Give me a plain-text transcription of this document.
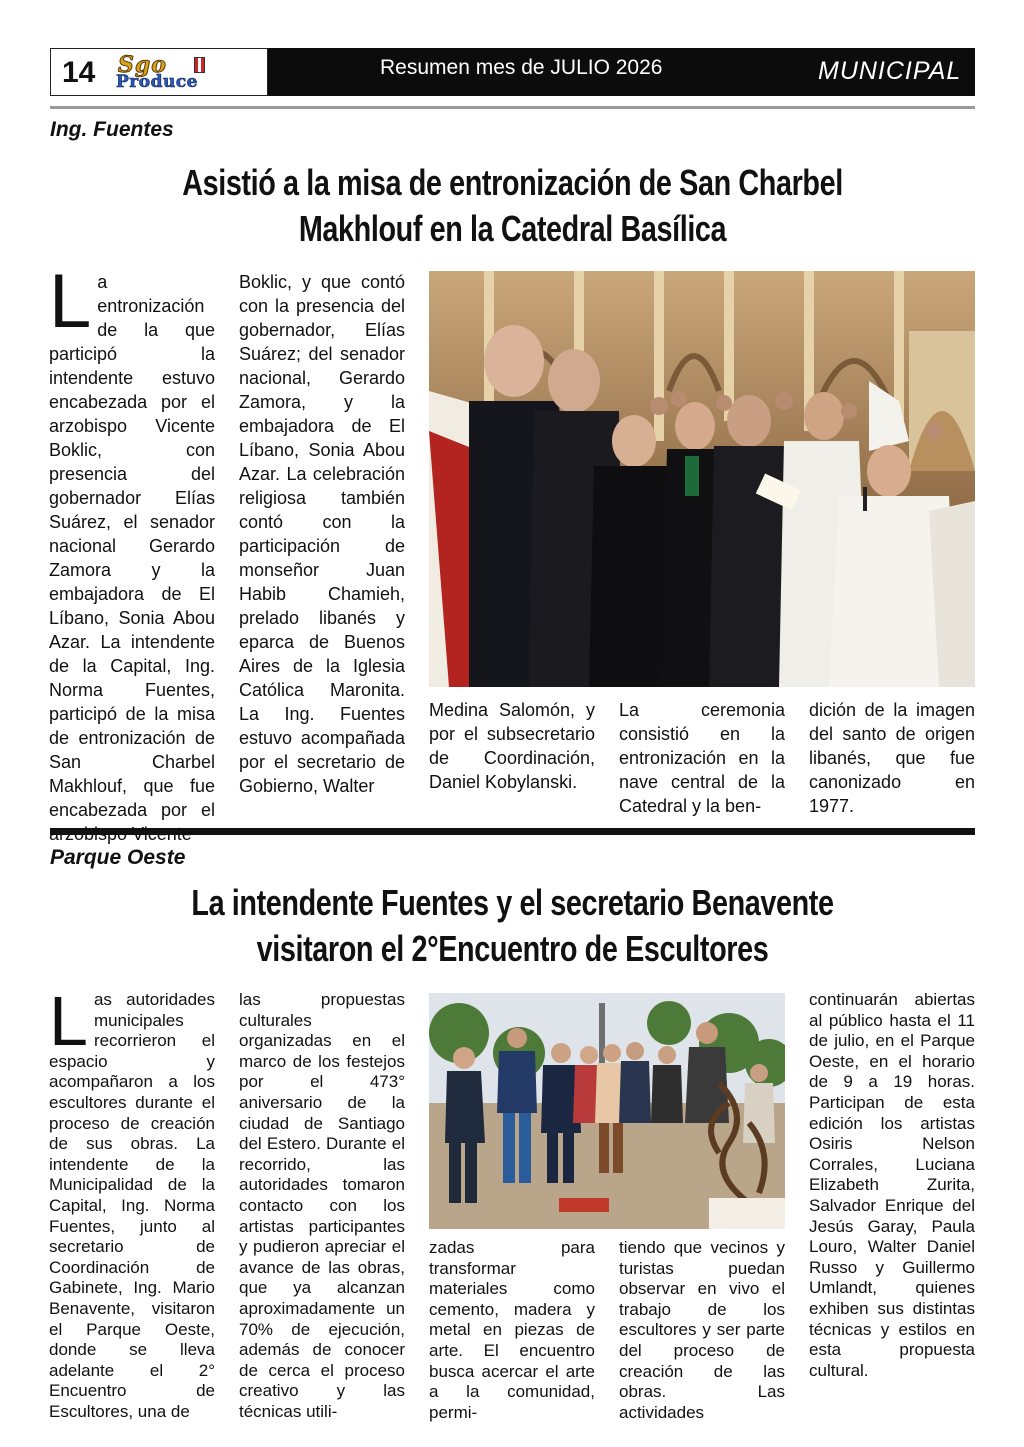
14 Sgo
Produce
Resumen mes de JULIO 2026	MUNICIPAL
Ing. Fuentes
Asistió a la misa de entronización de San Charbel
Makhlouf en la Catedral Basílica
L a entronización de la que participó la intendente estuvo encabezada por el arzobispo Vicente Boklic, con presencia del gobernador Elías Suárez, el senador nacional Gerardo Zamora y la embajadora de El Líbano, Sonia Abou Azar. La intendente de la Capital, Ing. Norma Fuentes, participó de la misa de entronización de San Charbel Makhlouf, que fue encabezada por el
Boklic, y que contó con la presencia del gobernador, Elías Suárez; del senador nacional, Gerardo Zamora, y la embajadora de El Líbano, Sonia Abou Azar. La celebración religiosa también contó con la participación de monseñor Juan Habib Chamieh, prelado libanés y eparca de Buenos Aires de la Iglesia Católica Maronita. La Ing. Fuentes estuvo acompañada por el secretario de Gobierno, Walter
Medina Salomón, y por el subsecretario de Coordinación, Daniel Kobylanski.
La ceremonia consistió en la entronización en la nave central de la Catedral y la ben-
dición de la imagen del santo de origen libanés, que fue canonizado en 1977.
Parque Oeste
La intendente Fuentes y el secretario Benavente
visitaron el 2°Encuentro de Escultores
L as autoridades municipales recorrieron el espacio y acompañaron a los escultores durante el proceso de creación de sus obras. La intendente de la Municipalidad de la Capital, Ing. Norma Fuentes, junto al secretario de Coordinación de Gabinete, Ing. Mario Benavente, visitaron el Parque Oeste, donde se lleva adelante el 2° Encuentro de Escultores, una de
las propuestas culturales organizadas en el marco de los festejos por el 473° aniversario de la ciudad de Santiago del Estero. Durante el recorrido, las autoridades tomaron contacto con los artistas participantes y pudieron apreciar el avance de las obras, que ya alcanzan aproximadamente un 70% de ejecución, además de conocer de cerca el proceso creativo y las técnicas utili-
zadas para transformar materiales como cemento, madera y metal en piezas de arte. El encuentro busca acercar el arte a la comunidad, permi-
tiendo que vecinos y turistas puedan observar en vivo el trabajo de los escultores y ser parte del proceso de creación de las obras. Las actividades
continuarán abiertas al público hasta el 11 de julio, en el Parque Oeste, en el horario de 9 a 19 horas. Participan de esta edición los artistas Osiris Nelson Corrales, Luciana Elizabeth Zurita, Salvador Enrique del Jesús Garay, Paula Louro, Walter Daniel Russo y Guillermo Umlandt, quienes exhiben sus distintas técnicas y estilos en esta propuesta cultural.
